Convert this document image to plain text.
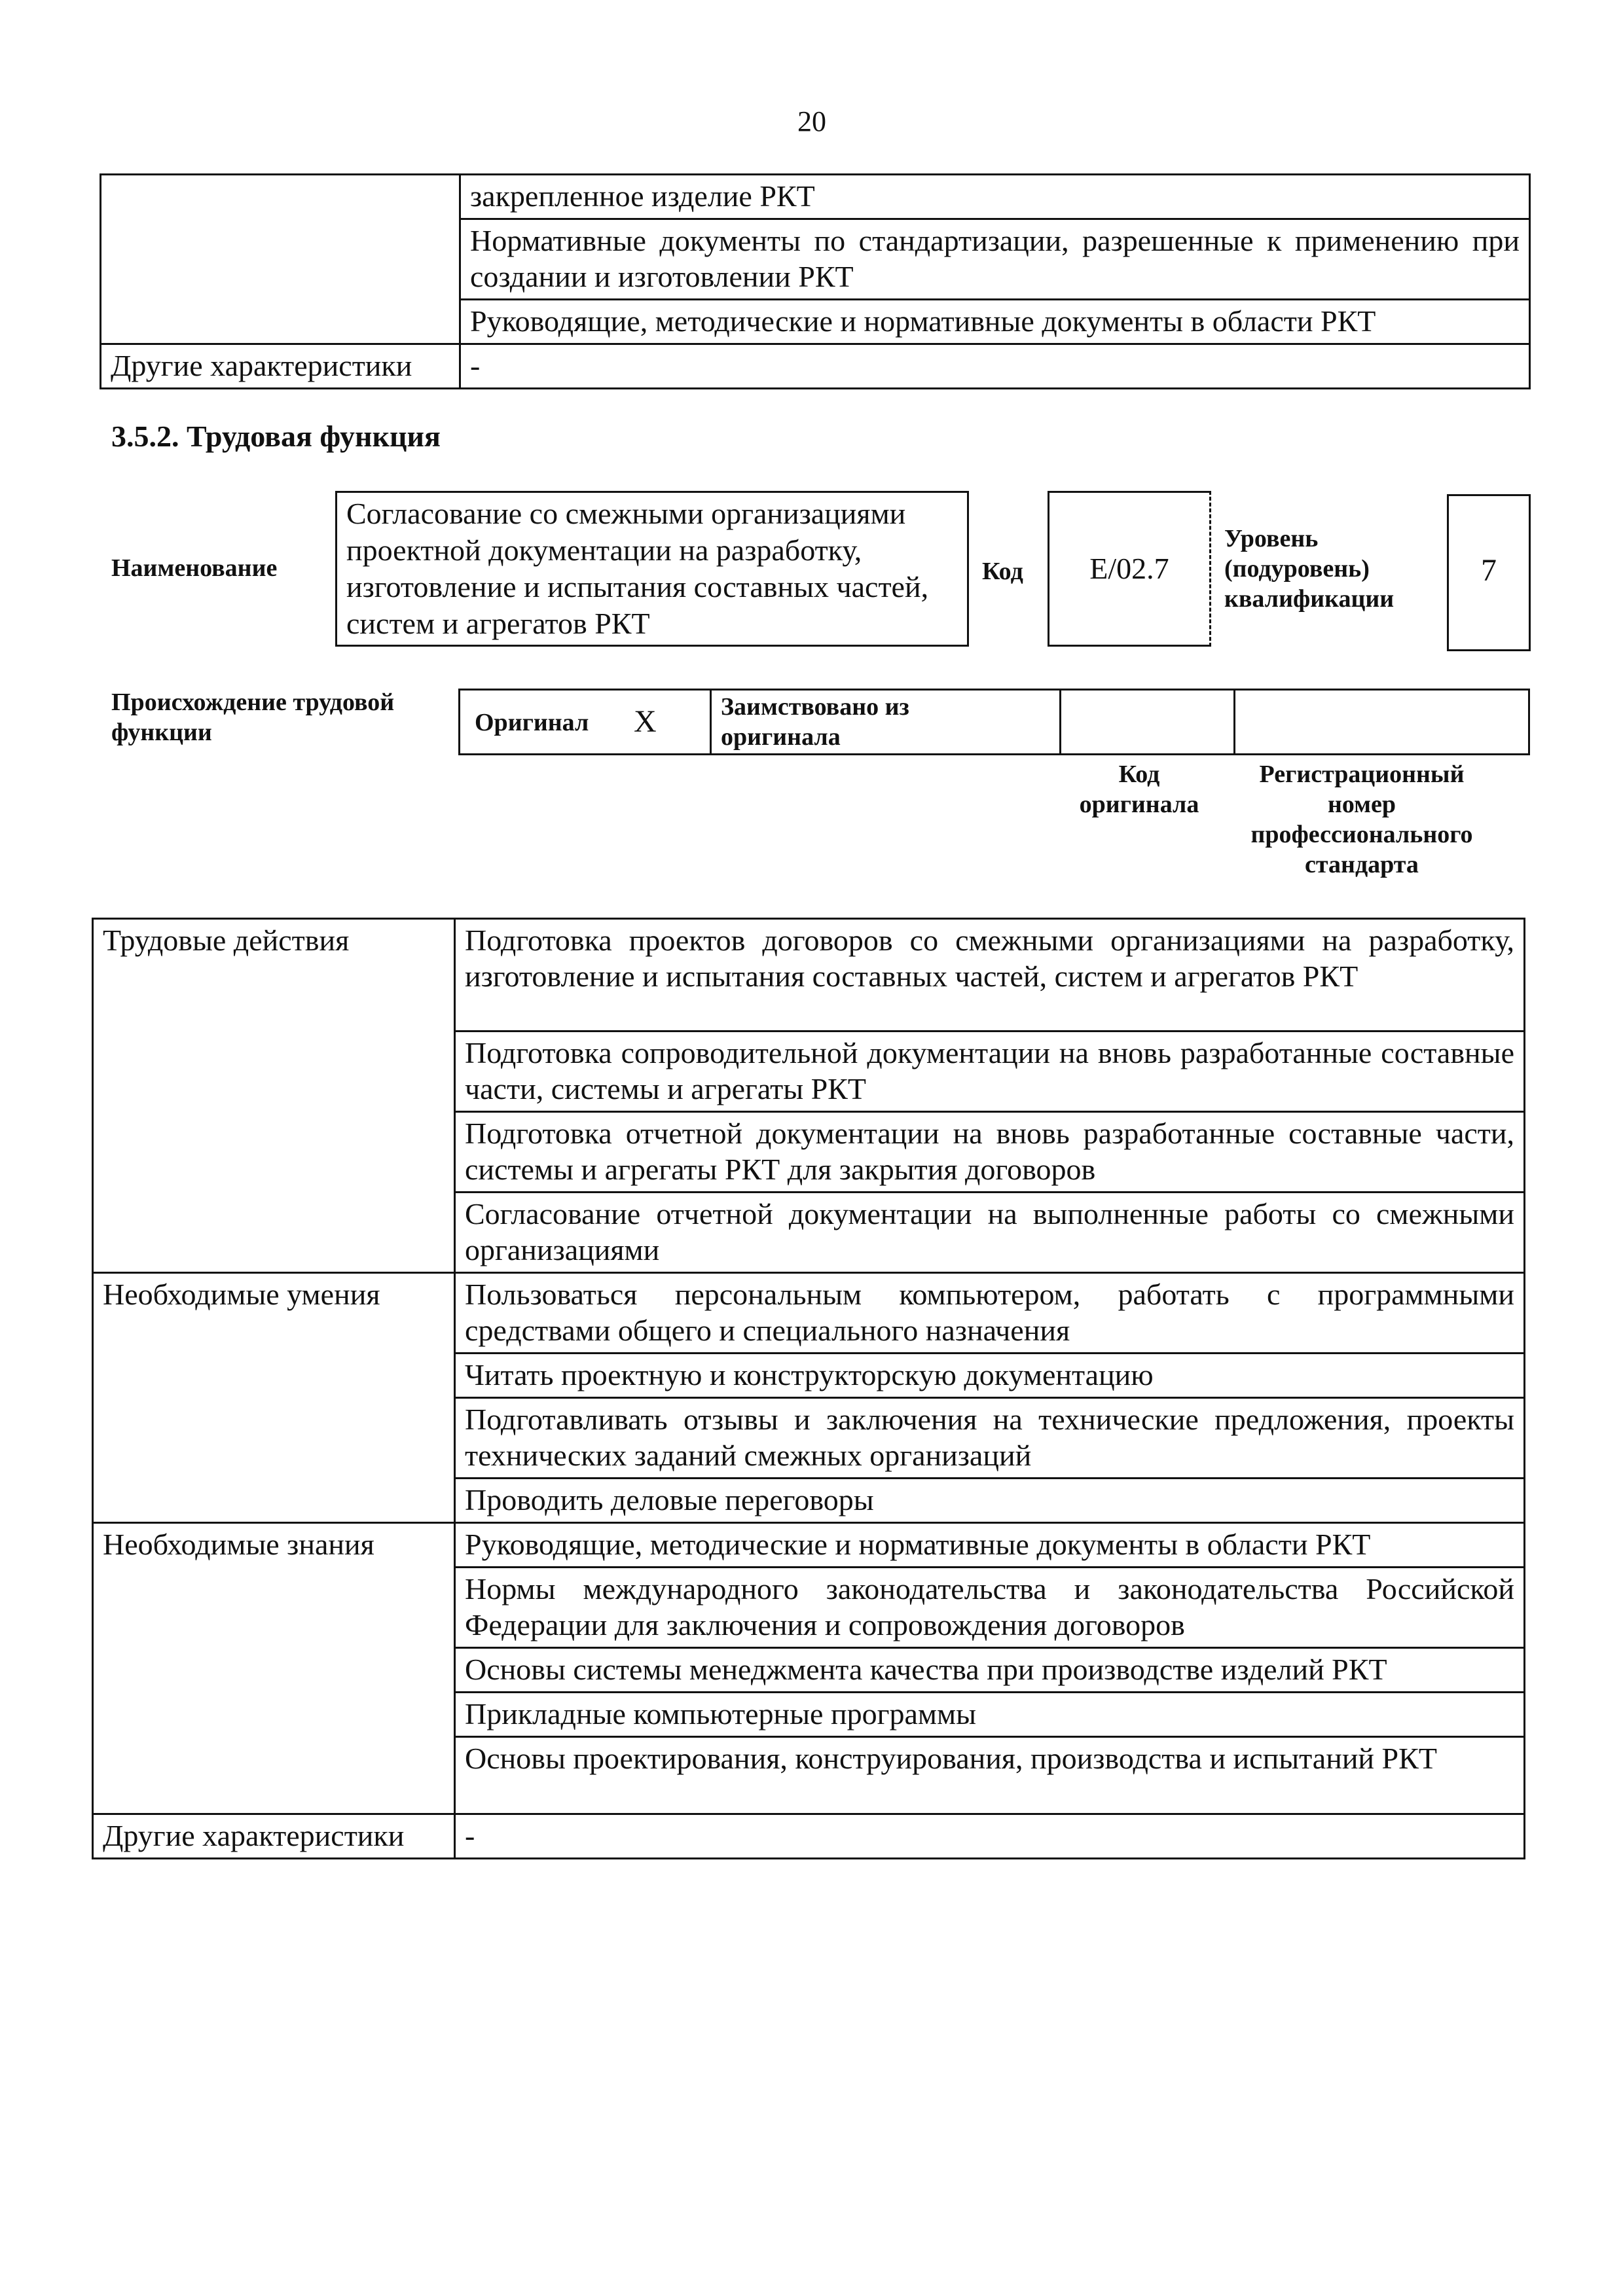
20
	закрепленное изделие РКТ
	Нормативные документы по стандартизации, разрешенные к применению при создании и изготовлении РКТ
	Руководящие, методические и нормативные документы в области РКТ
Другие характеристики	-
3.5.2. Трудовая функция
Наименование
Согласование со смежными организациями проектной документации на разработку, изготовление и испытания составных частей, систем и агрегатов РКТ
Код	E/02.7
Уровень (подуровень) квалификации
7
Происхождение трудовой функции	Оригинал X	Заимствовано из оригинала
Код оригинала
Регистрационный номер профессионального стандарта
Трудовые действия	Подготовка проектов договоров со смежными организациями на разработку, изготовление и испытания составных частей, систем и агрегатов РКТ
	Подготовка сопроводительной документации на вновь разработанные составные части, системы и агрегаты РКТ
	Подготовка отчетной документации на вновь разработанные составные части, системы и агрегаты РКТ для закрытия договоров
	Согласование отчетной документации на выполненные работы со смежными организациями
Необходимые умения	Пользоваться персональным компьютером, работать с программными средствами общего и специального назначения
	Читать проектную и конструкторскую документацию
	Подготавливать отзывы и заключения на технические предложения, проекты технических заданий смежных организаций
	Проводить деловые переговоры
Необходимые знания	Руководящие, методические и нормативные документы в области РКТ
	Нормы международного законодательства и законодательства Российской Федерации для заключения и сопровождения договоров
	Основы системы менеджмента качества при производстве изделий РКТ
	Прикладные компьютерные программы
	Основы проектирования, конструирования, производства и испытаний РКТ
Другие характеристики	-
